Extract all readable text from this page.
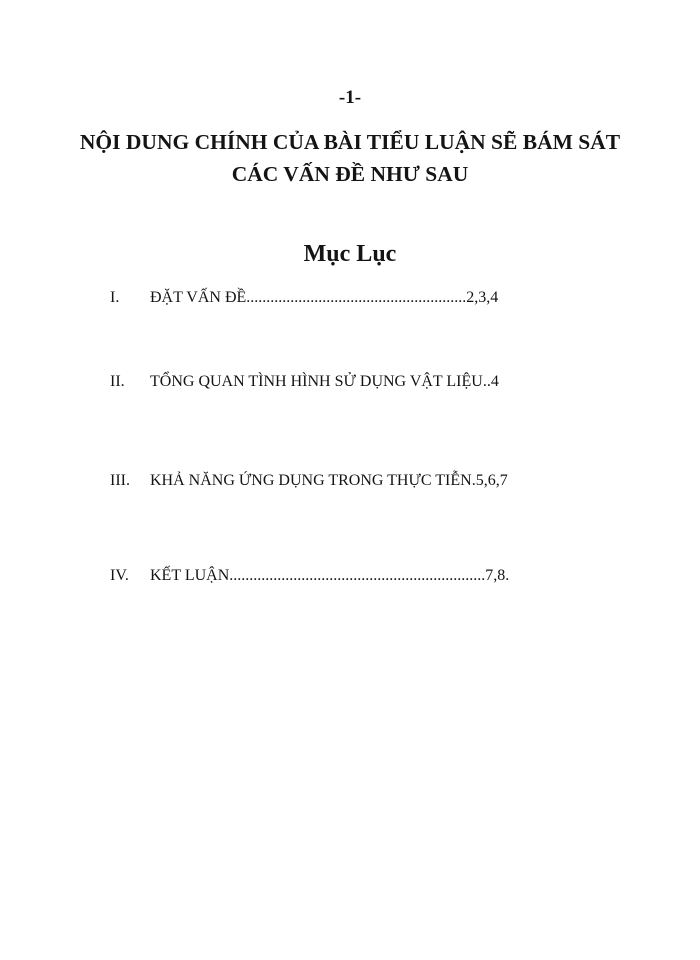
-1-
NỘI DUNG CHÍNH CỦA BÀI TIỂU LUẬN SẼ BÁM SÁT
CÁC VẤN ĐỀ NHƯ SAU
Mục Lục
I. ĐẶT VẤN ĐỀ.......................................................2,3,4
II. TỔNG QUAN TÌNH HÌNH SỬ DỤNG VẬT LIỆU..4
III. KHẢ NĂNG ỨNG DỤNG TRONG THỰC TIỄN.5,6,7
IV. KẾT LUẬN................................................................7,8.
